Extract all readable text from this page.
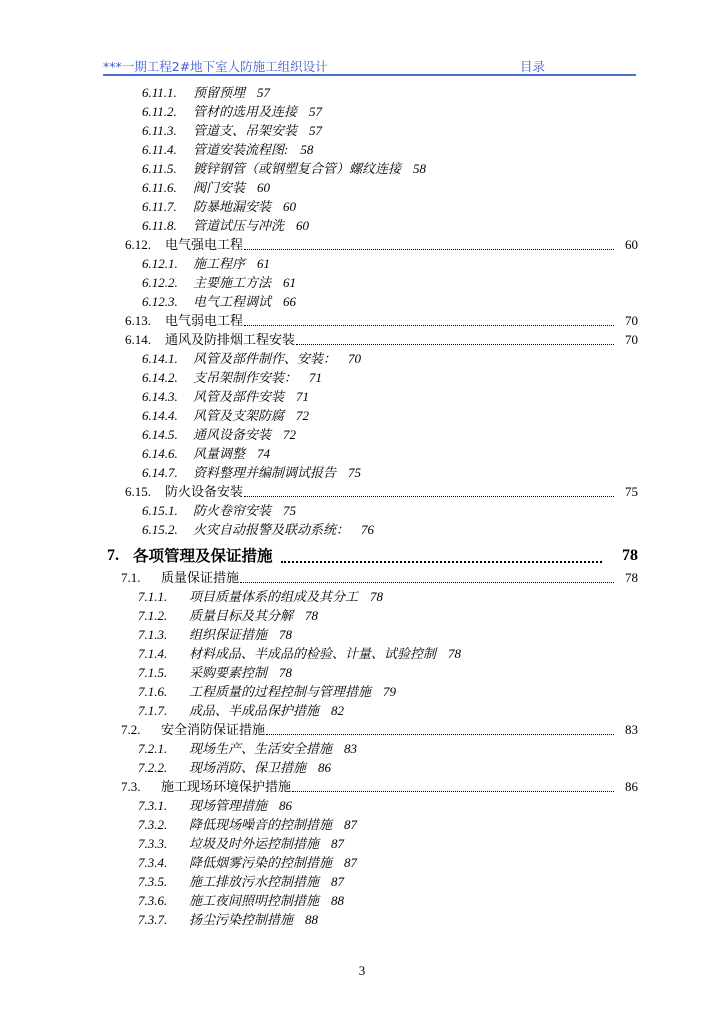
***一期工程2#地下室人防施工组织设计	目录
6.11.1. 预留预埋 57
6.11.2. 管材的选用及连接 57
6.11.3. 管道支、吊架安装 57
6.11.4. 管道安装流程图: 58
6.11.5. 镀锌钢管（或钢塑复合管）螺纹连接 58
6.11.6. 阀门安装 60
6.11.7. 防暴地漏安装 60
6.11.8. 管道试压与冲洗 60
6.12.	电气强电工程	60
6.12.1. 施工程序 61
6.12.2. 主要施工方法 61
6.12.3. 电气工程调试 66
6.13.	电气弱电工程	70
6.14.	通风及防排烟工程安装	70
6.14.1. 风管及部件制作、安装： 70
6.14.2. 支吊架制作安装： 71
6.14.3. 风管及部件安装 71
6.14.4. 风管及支架防腐 72
6.14.5. 通风设备安装 72
6.14.6. 风量调整 74
6.14.7. 资料整理并编制调试报告 75
6.15.	防火设备安装	75
6.15.1. 防火卷帘安装 75
6.15.2. 火灾自动报警及联动系统： 76
7. 各项管理及保证措施	78
7.1.	质量保证措施	78
7.1.1. 项目质量体系的组成及其分工 78
7.1.2. 质量目标及其分解 78
7.1.3. 组织保证措施 78
7.1.4. 材料成品、半成品的检验、计量、试验控制 78
7.1.5. 采购要素控制 78
7.1.6. 工程质量的过程控制与管理措施 79
7.1.7. 成品、半成品保护措施 82
7.2.	安全消防保证措施	83
7.2.1. 现场生产、生活安全措施 83
7.2.2. 现场消防、保卫措施 86
7.3.	施工现场环境保护措施	86
7.3.1. 现场管理措施 86
7.3.2. 降低现场噪音的控制措施 87
7.3.3. 垃圾及时外运控制措施 87
7.3.4. 降低烟雾污染的控制措施 87
7.3.5. 施工排放污水控制措施 87
7.3.6. 施工夜间照明控制措施 88
7.3.7. 扬尘污染控制措施 88
3
